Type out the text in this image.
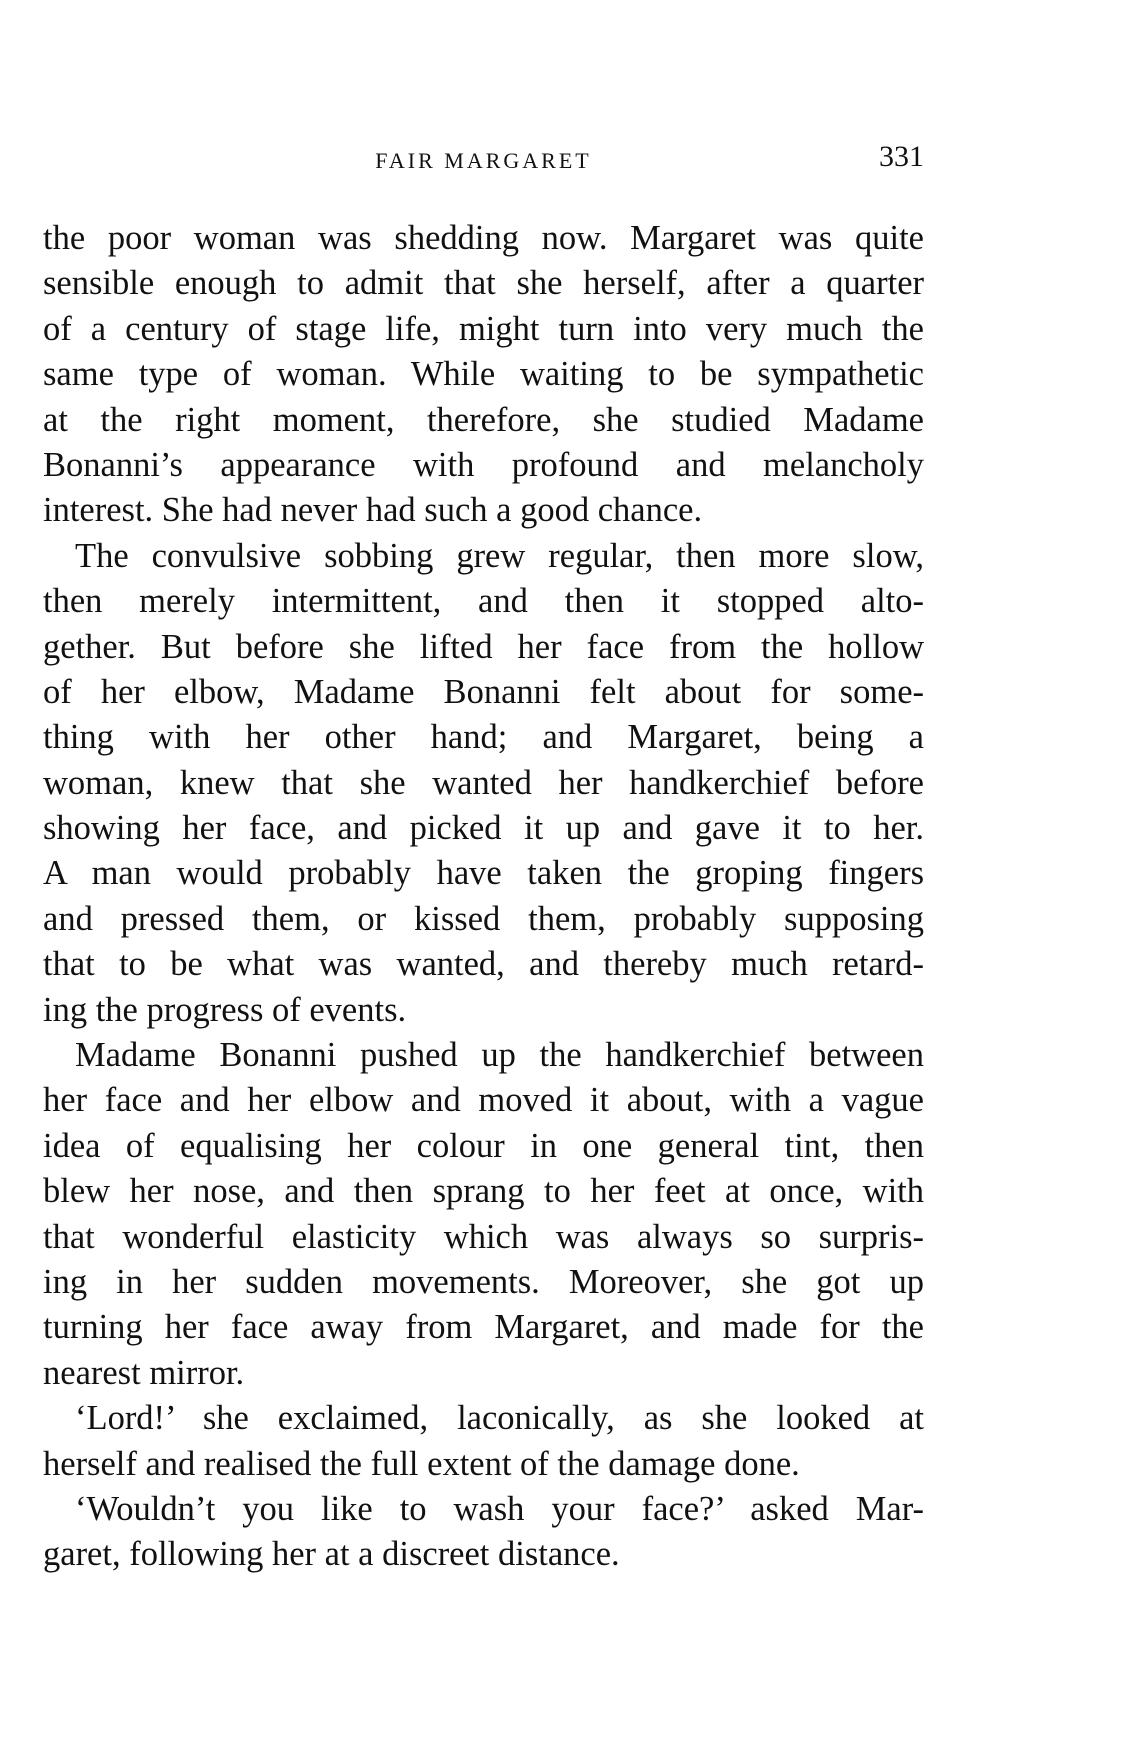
FAIR MARGARET	331
the poor woman was shedding now. Margaret was quite
sensible enough to admit that she herself, after a quarter
of a century of stage life, might turn into very much the
same type of woman. While waiting to be sympathetic
at the right moment, therefore, she studied Madame
Bonanni’s appearance with profound and melancholy
interest. She had never had such a good chance.
The convulsive sobbing grew regular, then more slow,
then merely intermittent, and then it stopped alto-
gether. But before she lifted her face from the hollow
of her elbow, Madame Bonanni felt about for some-
thing with her other hand; and Margaret, being a
woman, knew that she wanted her handkerchief before
showing her face, and picked it up and gave it to her.
A man would probably have taken the groping fingers
and pressed them, or kissed them, probably supposing
that to be what was wanted, and thereby much retard-
ing the progress of events.
Madame Bonanni pushed up the handkerchief between
her face and her elbow and moved it about, with a vague
idea of equalising her colour in one general tint, then
blew her nose, and then sprang to her feet at once, with
that wonderful elasticity which was always so surpris-
ing in her sudden movements. Moreover, she got up
turning her face away from Margaret, and made for the
nearest mirror.
‘Lord!’ she exclaimed, laconically, as she looked at
herself and realised the full extent of the damage done.
‘Wouldn’t you like to wash your face?’ asked Mar-
garet, following her at a discreet distance.
